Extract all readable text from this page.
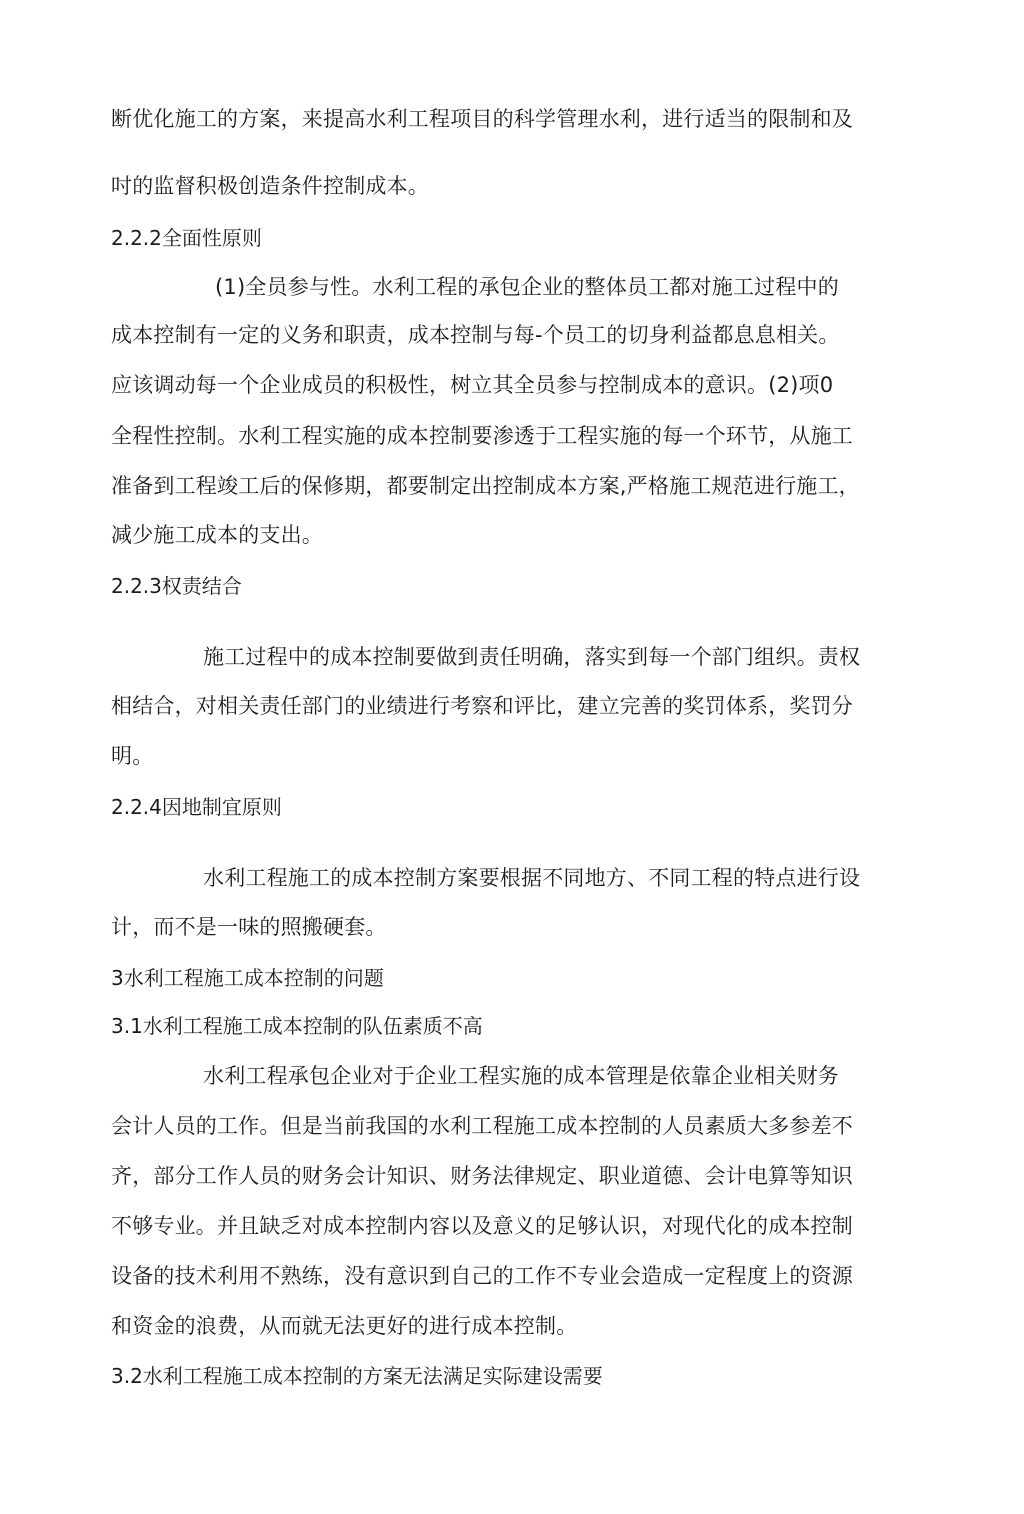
断优化施工的方案，来提高水利工程项目的科学管理水利，进行适当的限制和及
吋的监督积极创造条件控制成本。
2.2.2全面性原则
(1)全员参与性。水利工程的承包企业的整体员工都对施工过程中的
成本控制有一定的义务和职责，成本控制与每-个员工的切身利益都息息相关。
应该调动每一个企业成员的积极性，树立其全员参与控制成本的意识。(2)项0
全程性控制。水利工程实施的成本控制要渗透于工程实施的每一个环节，从施工
准备到工程竣工后的保修期，都要制定出控制成本方案,严格施工规范进行施工，
减少施工成本的支出。
2.2.3权责结合
施工过程中的成本控制要做到责任明确，落实到每一个部门组织。责权
相结合，对相关责任部门的业绩进行考察和评比，建立完善的奖罚体系，奖罚分
明。
2.2.4因地制宜原则
水利工程施工的成本控制方案要根据不同地方、不同工程的特点进行设
计，而不是一味的照搬硬套。
3水利工程施工成本控制的问题
3.1水利工程施工成本控制的队伍素质不高
水利工程承包企业对于企业工程实施的成本管理是依靠企业相关财务
会计人员的工作。但是当前我国的水利工程施工成本控制的人员素质大多参差不
齐，部分工作人员的财务会计知识、财务法律规定、职业道德、会计电算等知识
不够专业。并且缺乏对成本控制内容以及意义的足够认识，对现代化的成本控制
设备的技术利用不熟练，没有意识到自己的工作不专业会造成一定程度上的资源
和资金的浪费，从而就无法更好的进行成本控制。
3.2水利工程施工成本控制的方案无法满足实际建设需要
